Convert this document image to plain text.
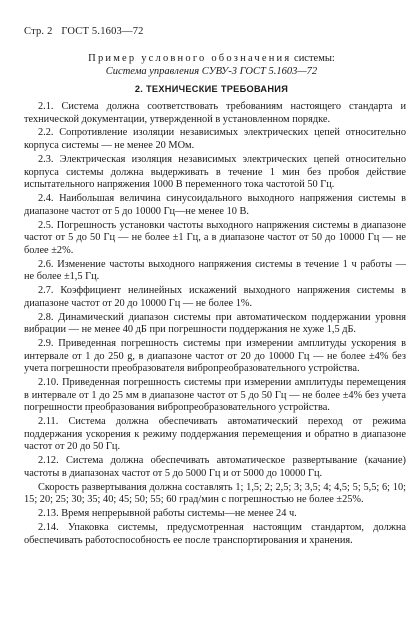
Стр. 2 ГОСТ 5.1603—72
Пример условного обозначения системы:
Система управления СУВУ-3 ГОСТ 5.1603—72
2. ТЕХНИЧЕСКИЕ ТРЕБОВАНИЯ

2.1. Система должна соответствовать требованиям настоящего стандарта и технической документации, утвержденной в установленном порядке.

2.2. Сопротивление изоляции независимых электрических цепей относительно корпуса системы — не менее 20 МОм.

2.3. Электрическая изоляция независимых электрических цепей относительно корпуса системы должна выдерживать в течение 1 мин без пробоя действие испытательного напряжения 1000 В переменного тока частотой 50 Гц.

2.4. Наибольшая величина синусоидального выходного напряжения системы в диапазоне частот от 5 до 10000 Гц—не менее 10 В.

2.5. Погрешность установки частоты выходного напряжения системы в диапазоне частот от 5 до 50 Гц — не более ±1 Гц, а в диапазоне частот от 50 до 10000 Гц — не более ±2%.

2.6. Изменение частоты выходного напряжения системы в течение 1 ч работы — не более ±1,5 Гц.

2.7. Коэффициент нелинейных искажений выходного напряжения системы в диапазоне частот от 20 до 10000 Гц — не более 1%.

2.8. Динамический диапазон системы при автоматическом поддержании уровня вибрации — не менее 40 дБ при погрешности поддержания не хуже 1,5 дБ.

2.9. Приведенная погрешность системы при измерении амплитуды ускорения в интервале от 1 до 250 g, в диапазоне частот от 20 до 10000 Гц — не более ±4% без учета погрешности преобразователя вибропреобразовательного устройства.

2.10. Приведенная погрешность системы при измерении амплитуды перемещения в интервале от 1 до 25 мм в диапазоне частот от 5 до 50 Гц — не более ±4% без учета погрешности преобразования вибропреобразовательного устройства.

2.11. Система должна обеспечивать автоматический переход от режима поддержания ускорения к режиму поддержания перемещения и обратно в диапазоне частот от 20 до 50 Гц.

2.12. Система должна обеспечивать автоматическое развертывание (качание) частоты в диапазонах частот от 5 до 5000 Гц и от 5000 до 10000 Гц.

Скорость развертывания должна составлять 1; 1,5; 2; 2,5; 3; 3,5; 4; 4,5; 5; 5,5; 6; 10; 15; 20; 25; 30; 35; 40; 45; 50; 55; 60 град/мин с погрешностью не более ±25%.

2.13. Время непрерывной работы системы—не менее 24 ч.

2.14. Упаковка системы, предусмотренная настоящим стандартом, должна обеспечивать работоспособность ее после транспортирования и хранения.
